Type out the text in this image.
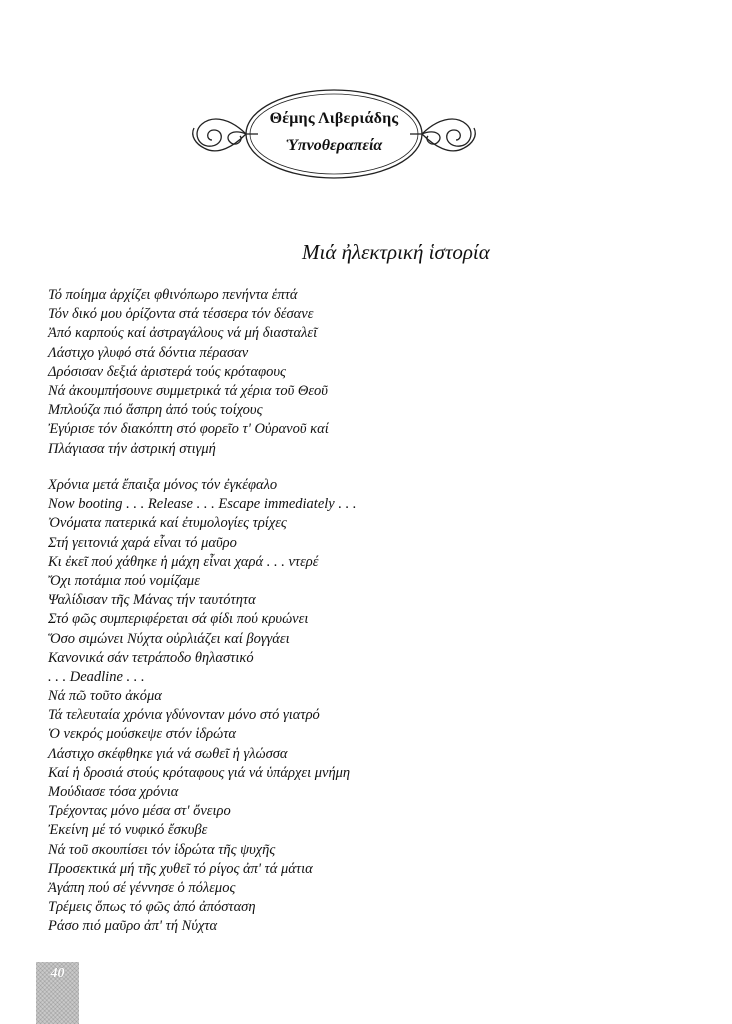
Θέμης Λιβεριάδης
Ὑπνοθεραπεία
Μιά ἠλεκτρική ἱστορία
Τό ποίημα ἀρχίζει φθινόπωρο πενήντα ἑπτά
Τόν δικό μου ὁρίζοντα στά τέσσερα τόν δέσανε
Ἀπό καρπούς καί ἀστραγάλους νά μή διασταλεῖ
Λάστιχο γλυφό στά δόντια πέρασαν
Δρόσισαν δεξιά ἀριστερά τούς κρόταφους
Νά ἀκουμπήσουνε συμμετρικά τά χέρια τοῦ Θεοῦ
Μπλούζα πιό ἄσπρη ἀπό τούς τοίχους
Ἐγύρισε τόν διακόπτη στό φορεῖο τ' Οὐρανοῦ καί
Πλάγιασα τήν ἀστρική στιγμή
Χρόνια μετά ἔπαιξα μόνος τόν ἐγκέφαλο
Now booting . . . Release . . . Escape immediately . . .
Ὀνόματα πατερικά καί ἐτυμολογίες τρίχες
Στή γειτονιά χαρά εἶναι τό μαῦρο
Κι ἐκεῖ πού χάθηκε ἡ μάχη εἶναι χαρά . . . ντερέ
Ὄχι ποτάμια πού νομίζαμε
Ψαλίδισαν τῆς Μάνας τήν ταυτότητα
Στό φῶς συμπεριφέρεται σά φίδι πού κρυώνει
Ὅσο σιμώνει Νύχτα οὐρλιάζει καί βογγάει
Κανονικά σάν τετράποδο θηλαστικό
. . . Deadline . . .
Νά πῶ τοῦτο ἀκόμα
Τά τελευταία χρόνια γδύνονταν μόνο στό γιατρό
Ὁ νεκρός μούσκεψε στόν ἱδρώτα
Λάστιχο σκέφθηκε γιά νά σωθεῖ ἡ γλώσσα
Καί ἡ δροσιά στούς κρόταφους γιά νά ὑπάρχει μνήμη
Μούδιασε τόσα χρόνια
Τρέχοντας μόνο μέσα στ' ὄνειρο
Ἐκείνη μέ τό νυφικό ἔσκυβε
Νά τοῦ σκουπίσει τόν ἱδρώτα τῆς ψυχῆς
Προσεκτικά μή τῆς χυθεῖ τό ρίγος ἀπ' τά μάτια
Ἀγάπη πού σέ γέννησε ὁ πόλεμος
Τρέμεις ὅπως τό φῶς ἀπό ἀπόσταση
Ράσο πιό μαῦρο ἀπ' τή Νύχτα
40
